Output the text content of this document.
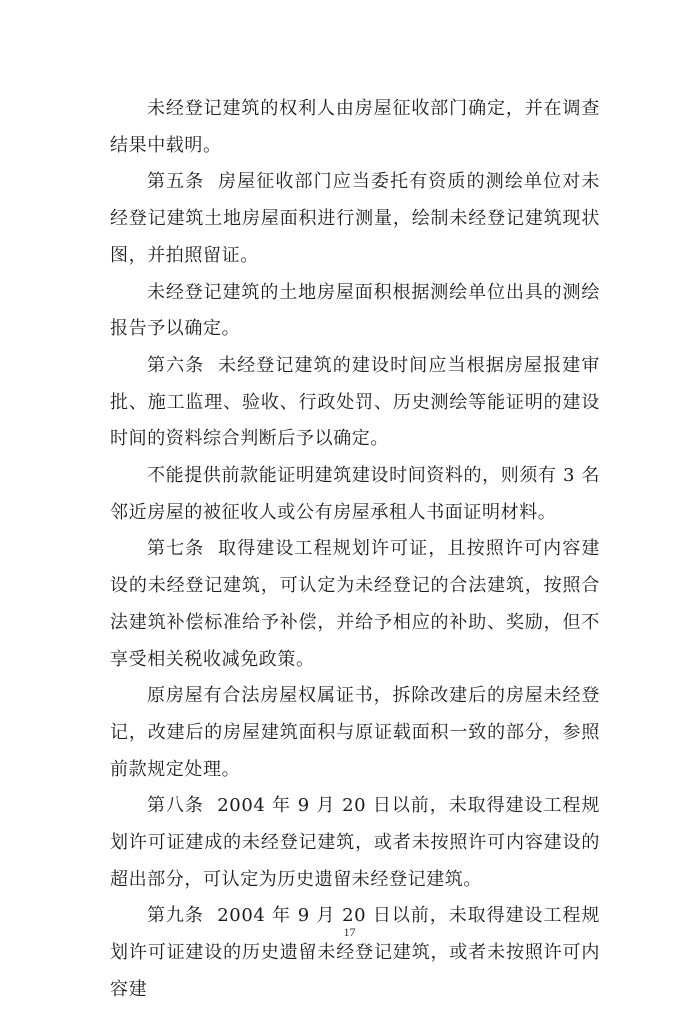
未经登记建筑的权利人由房屋征收部门确定，并在调查结果中载明。

第五条  房屋征收部门应当委托有资质的测绘单位对未经登记建筑土地房屋面积进行测量，绘制未经登记建筑现状图，并拍照留证。

未经登记建筑的土地房屋面积根据测绘单位出具的测绘报告予以确定。

第六条  未经登记建筑的建设时间应当根据房屋报建审批、施工监理、验收、行政处罚、历史测绘等能证明的建设时间的资料综合判断后予以确定。

不能提供前款能证明建筑建设时间资料的，则须有 3 名邻近房屋的被征收人或公有房屋承租人书面证明材料。

第七条  取得建设工程规划许可证，且按照许可内容建设的未经登记建筑，可认定为未经登记的合法建筑，按照合法建筑补偿标准给予补偿，并给予相应的补助、奖励，但不享受相关税收减免政策。

原房屋有合法房屋权属证书，拆除改建后的房屋未经登记，改建后的房屋建筑面积与原证载面积一致的部分，参照前款规定处理。

第八条  2004 年 9 月 20 日以前，未取得建设工程规划许可证建成的未经登记建筑，或者未按照许可内容建设的超出部分，可认定为历史遗留未经登记建筑。

第九条  2004 年 9 月 20 日以前，未取得建设工程规划许可证建设的历史遗留未经登记建筑，或者未按照许可内容建

17
